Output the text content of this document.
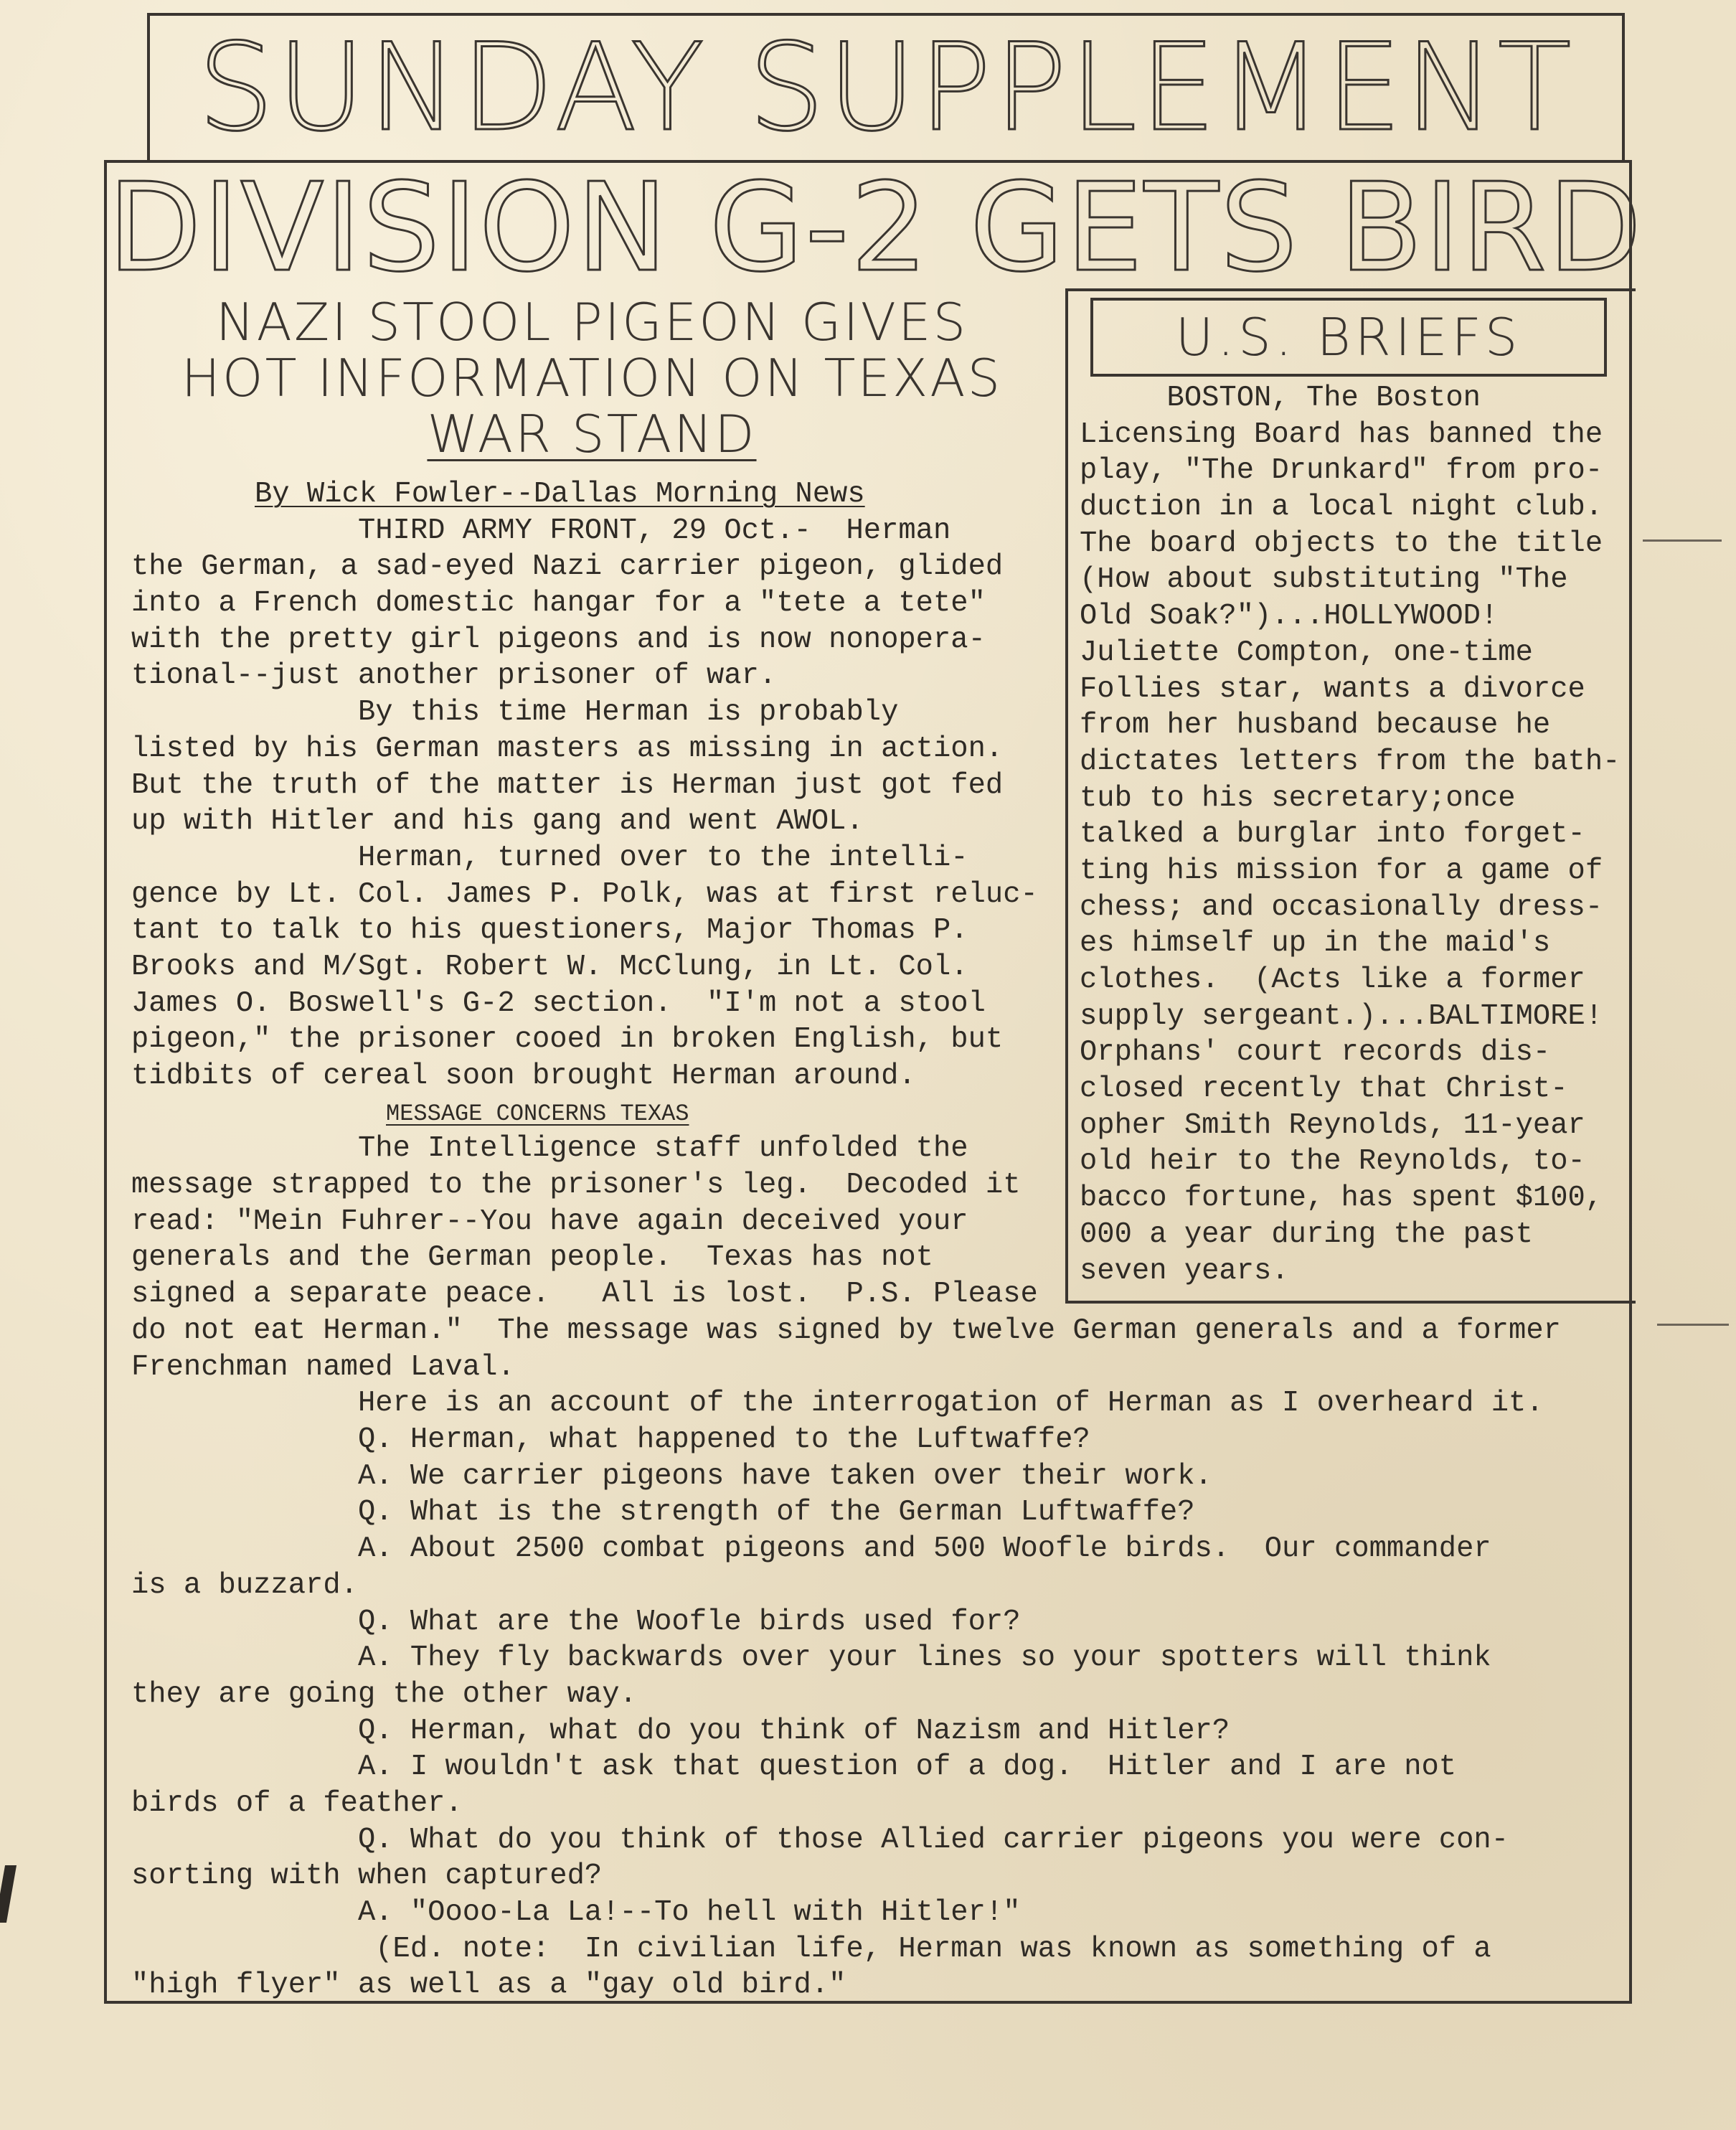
SUNDAY SUPPLEMENT
DIVISION G-2 GETS BIRD
NAZI STOOL PIGEON GIVES
HOT INFORMATION ON TEXAS
WAR STAND
U.S. BRIEFS
BOSTON, The Boston
Licensing Board has banned the
play, "The Drunkard" from pro-
duction in a local night club.
The board objects to the title
(How about substituting "The
Old Soak?")...HOLLYWOOD!
Juliette Compton, one-time
Follies star, wants a divorce
from her husband because he
dictates letters from the bath-
tub to his secretary;once
talked a burglar into forget-
ting his mission for a game of
chess; and occasionally dress-
es himself up in the maid's
clothes.  (Acts like a former
supply sergeant.)...BALTIMORE!
Orphans' court records dis-
closed recently that Christ-
opher Smith Reynolds, 11-year
old heir to the Reynolds, to-
bacco fortune, has spent $100,
000 a year during the past
seven years.
By Wick Fowler--Dallas Morning News
THIRD ARMY FRONT, 29 Oct.-  Herman
the German, a sad-eyed Nazi carrier pigeon, glided
into a French domestic hangar for a "tete a tete"
with the pretty girl pigeons and is now nonopera-
tional--just another prisoner of war.
By this time Herman is probably
listed by his German masters as missing in action.
But the truth of the matter is Herman just got fed
up with Hitler and his gang and went AWOL.
Herman, turned over to the intelli-
gence by Lt. Col. James P. Polk, was at first reluc-
tant to talk to his questioners, Major Thomas P.
Brooks and M/Sgt. Robert W. McClung, in Lt. Col.
James O. Boswell's G-2 section.  "I'm not a stool
pigeon," the prisoner cooed in broken English, but
tidbits of cereal soon brought Herman around.
MESSAGE CONCERNS TEXAS
The Intelligence staff unfolded the
message strapped to the prisoner's leg.  Decoded it
read: "Mein Fuhrer--You have again deceived your
generals and the German people.  Texas has not
signed a separate peace.   All is lost.  P.S. Please
do not eat Herman."  The message was signed by twelve German generals and a former
Frenchman named Laval.
Here is an account of the interrogation of Herman as I overheard it.
Q. Herman, what happened to the Luftwaffe?
A. We carrier pigeons have taken over their work.
Q. What is the strength of the German Luftwaffe?
A. About 2500 combat pigeons and 500 Woofle birds.  Our commander
is a buzzard.
Q. What are the Woofle birds used for?
A. They fly backwards over your lines so your spotters will think
they are going the other way.
Q. Herman, what do you think of Nazism and Hitler?
A. I wouldn't ask that question of a dog.  Hitler and I are not
birds of a feather.
Q. What do you think of those Allied carrier pigeons you were con-
sorting with when captured?
A. "Oooo-La La!--To hell with Hitler!"
(Ed. note:  In civilian life, Herman was known as something of a
"high flyer" as well as a "gay old bird."
